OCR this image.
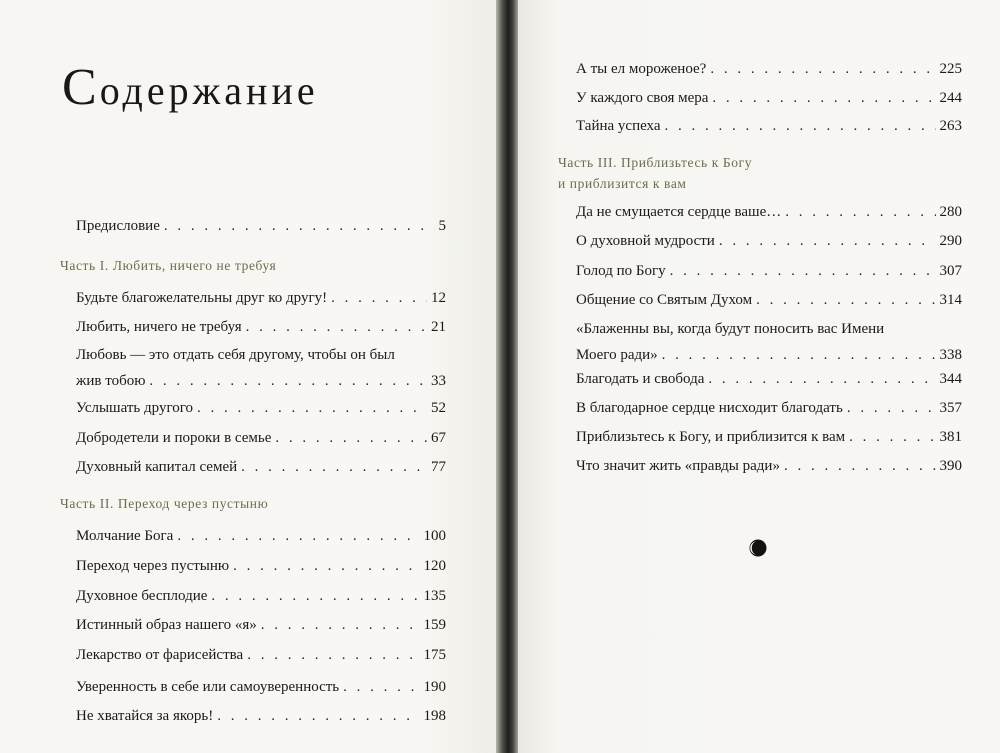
Содержание
Предисловие . . .	5
Часть I. Любить, ничего не требуя
Будьте благожелательны друг ко другу! . . .	12
Любить, ничего не требуя . . .	21
Любовь — это отдать себя другому, чтобы он был
жив тобою . . .	33
Услышать другого . . .	52
Добродетели и пороки в семье . . .	67
Духовный капитал семей . . .	77
Часть II. Переход через пустыню
Молчание Бога . . .	100
Переход через пустыню . . .	120
Духовное бесплодие . . .	135
Истинный образ нашего «я» . . .	159
Лекарство от фарисейства . . .	175
Уверенность в себе или самоуверенность . . .	190
Не хватайся за якорь! . . .	198
А ты ел мороженое? . . .	225
У каждого своя мера . . .	244
Тайна успеха . . .	263
Часть III. Приблизьтесь к Богу
и приблизится к вам
Да не смущается сердце ваше… . . .	280
О духовной мудрости . . .	290
Голод по Богу . . .	307
Общение со Святым Духом . . .	314
«Блаженны вы, когда будут поносить вас Имени
Моего ради» . . .	338
Благодать и свобода . . .	344
В благодарное сердце нисходит благодать . . .	357
Приблизьтесь к Богу, и приблизится к вам . . .	381
Что значит жить «правды ради» . . .	390
